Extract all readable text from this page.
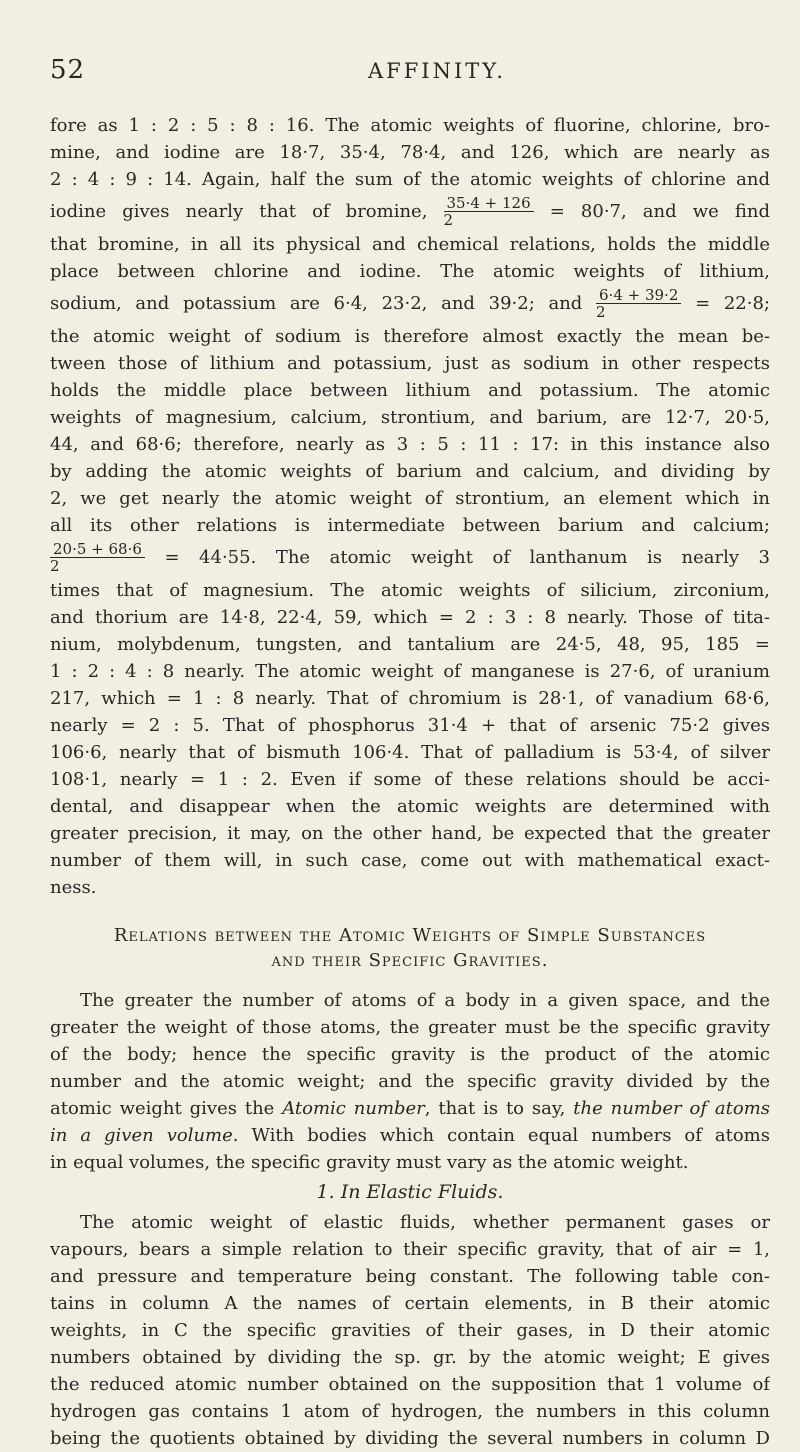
52	AFFINITY.
fore as 1 : 2 : 5 : 8 : 16. The atomic weights of fluorine, chlorine, bro-
mine, and iodine are 18·7, 35·4, 78·4, and 126, which are nearly as
2 : 4 : 9 : 14. Again, half the sum of the atomic weights of chlorine and
iodine gives nearly that of bromine, $\frac{35\cdot 4 + 126}{2} = 80\cdot 7$, and we find
that bromine, in all its physical and chemical relations, holds the middle
place between chlorine and iodine. The atomic weights of lithium,
sodium, and potassium are 6·4, 23·2, and 39·2; and $\frac{6\cdot 4 + 39\cdot 2}{2} = 22\cdot 8$;
the atomic weight of sodium is therefore almost exactly the mean be-
tween those of lithium and potassium, just as sodium in other respects
holds the middle place between lithium and potassium. The atomic
weights of magnesium, calcium, strontium, and barium, are 12·7, 20·5,
44, and 68·6; therefore, nearly as 3 : 5 : 11 : 17: in this instance also
by adding the atomic weights of barium and calcium, and dividing by
2, we get nearly the atomic weight of strontium, an element which in
all its other relations is intermediate between barium and calcium;
$\frac{20\cdot 5 + 68\cdot 6}{2} = 44\cdot 55$. The atomic weight of lanthanum is nearly 3
times that of magnesium. The atomic weights of silicium, zirconium,
and thorium are 14·8, 22·4, 59, which = 2 : 3 : 8 nearly. Those of tita-
nium, molybdenum, tungsten, and tantalium are 24·5, 48, 95, 185 =
1 : 2 : 4 : 8 nearly. The atomic weight of manganese is 27·6, of uranium
217, which = 1 : 8 nearly. That of chromium is 28·1, of vanadium 68·6,
nearly = 2 : 5. That of phosphorus 31·4 + that of arsenic 75·2 gives
106·6, nearly that of bismuth 106·4. That of palladium is 53·4, of silver
108·1, nearly = 1 : 2. Even if some of these relations should be acci-
dental, and disappear when the atomic weights are determined with
greater precision, it may, on the other hand, be expected that the greater
number of them will, in such case, come out with mathematical exact-
ness.
Relations between the Atomic Weights of Simple Substances
and their Specific Gravities.
The greater the number of atoms of a body in a given space, and the
greater the weight of those atoms, the greater must be the specific gravity
of the body; hence the specific gravity is the product of the atomic
number and the atomic weight; and the specific gravity divided by the
atomic weight gives the Atomic number, that is to say, the number of atoms
in a given volume. With bodies which contain equal numbers of atoms
in equal volumes, the specific gravity must vary as the atomic weight.
1. In Elastic Fluids.
The atomic weight of elastic fluids, whether permanent gases or
vapours, bears a simple relation to their specific gravity, that of air = 1,
and pressure and temperature being constant. The following table con-
tains in column A the names of certain elements, in B their atomic
weights, in C the specific gravities of their gases, in D their atomic
numbers obtained by dividing the sp. gr. by the atomic weight; E gives
the reduced atomic number obtained on the supposition that 1 volume of
hydrogen gas contains 1 atom of hydrogen, the numbers in this column
being the quotients obtained by dividing the several numbers in column D
